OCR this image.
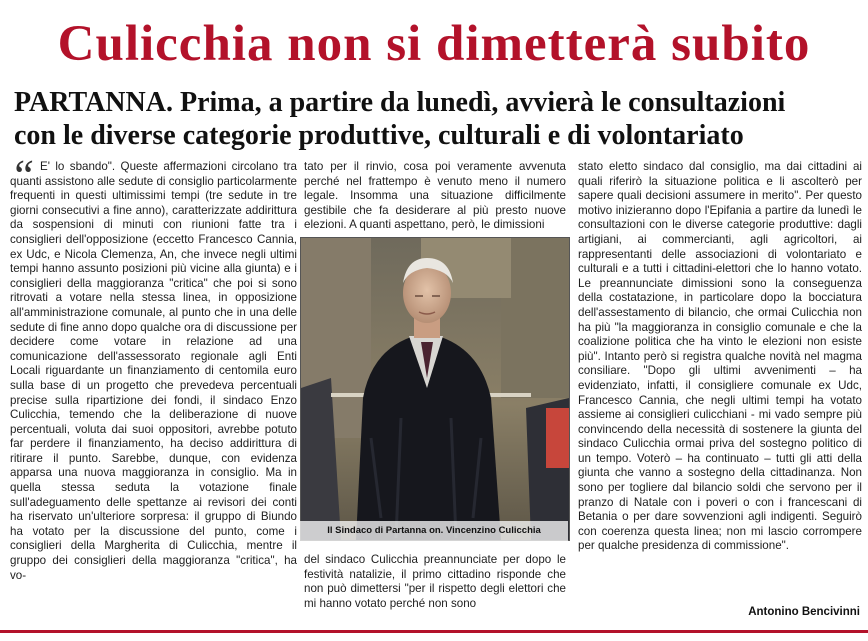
Culicchia non si dimetterà subito
PARTANNA. Prima, a partire da lunedì, avvierà le consultazioni
con le diverse categorie produttive, culturali e di volontariato
“ E' lo sbando". Queste affermazioni circolano tra quanti assistono alle sedute di consiglio particolarmente frequenti in questi ultimissimi tempi (tre sedute in tre giorni consecutivi a fine anno), caratterizzate addirittura da sospensioni di minuti con riunioni fatte tra i consiglieri dell'opposizione (eccetto Francesco Cannia, ex Udc, e Nicola Clemenza, An, che invece negli ultimi tempi hanno assunto posizioni più vicine alla giunta) e i consiglieri della maggioranza "critica" che poi si sono ritrovati a votare nella stessa linea, in opposizione all'amministrazione comunale, al punto che in una delle sedute di fine anno dopo qualche ora di discussione per decidere come votare in relazione ad una comunicazione dell'assessorato regionale agli Enti Locali riguardante un finanziamento di centomila euro sulla base di un progetto che prevedeva percentuali precise sulla ripartizione dei fondi, il sindaco Enzo Culicchia, temendo che la deliberazione di nuove percentuali, voluta dai suoi oppositori, avrebbe potuto far perdere il finanziamento, ha deciso addirittura di ritirare il punto. Sarebbe, dunque, con evidenza apparsa una nuova maggioranza in consiglio. Ma in quella stessa seduta la votazione finale sull'adeguamento delle spettanze ai revisori dei conti ha riservato un'ulteriore sorpresa: il gruppo di Biundo ha votato per la discussione del punto, come i consiglieri della Margherita di Culicchia, mentre il gruppo dei consiglieri della maggioranza "critica", ha vo-

tato per il rinvio, cosa poi veramente avvenuta perché nel frattempo è venuto meno il numero legale. Insomma una situazione difficilmente gestibile che fa desiderare al più presto nuove elezioni. A quanti aspettano, però, le dimissioni

Il Sindaco di Partanna on. Vincenzino Culicchia

del sindaco Culicchia preannunciate per dopo le festività natalizie, il primo cittadino risponde che non può dimettersi "per il rispetto degli elettori che mi hanno votato perché non sono

stato eletto sindaco dal consiglio, ma dai cittadini ai quali riferirò la situazione politica e li ascolterò per sapere quali decisioni assumere in merito". Per questo motivo inizieranno dopo l'Epifania a partire da lunedì le consultazioni con le diverse categorie produttive: dagli artigiani, ai commercianti, agli agricoltori, ai rappresentanti delle associazioni di volontariato e culturali e a tutti i cittadini-elettori che lo hanno votato. Le preannunciate dimissioni sono la conseguenza della costatazione, in particolare dopo la bocciatura dell'assestamento di bilancio, che ormai Culicchia non ha più "la maggioranza in consiglio comunale e che la coalizione politica che ha vinto le elezioni non esiste più". Intanto però si registra qualche novità nel magma consiliare. "Dopo gli ultimi avvenimenti – ha evidenziato, infatti, il consigliere comunale ex Udc, Francesco Cannia, che negli ultimi tempi ha votato assieme ai consiglieri culicchiani - mi vado sempre più convincendo della necessità di sostenere la giunta del sindaco Culicchia ormai priva del sostegno politico di un tempo. Voterò – ha continuato – tutti gli atti della giunta che vanno a sostegno della cittadinanza. Non sono per togliere dal bilancio soldi che servono per il pranzo di Natale con i poveri o con i francescani di Betania o per dare sovvenzioni agli indigenti. Seguirò con coerenza questa linea; non mi lascio corrompere per qualche presidenza di commissione".

Antonino Bencivinni
